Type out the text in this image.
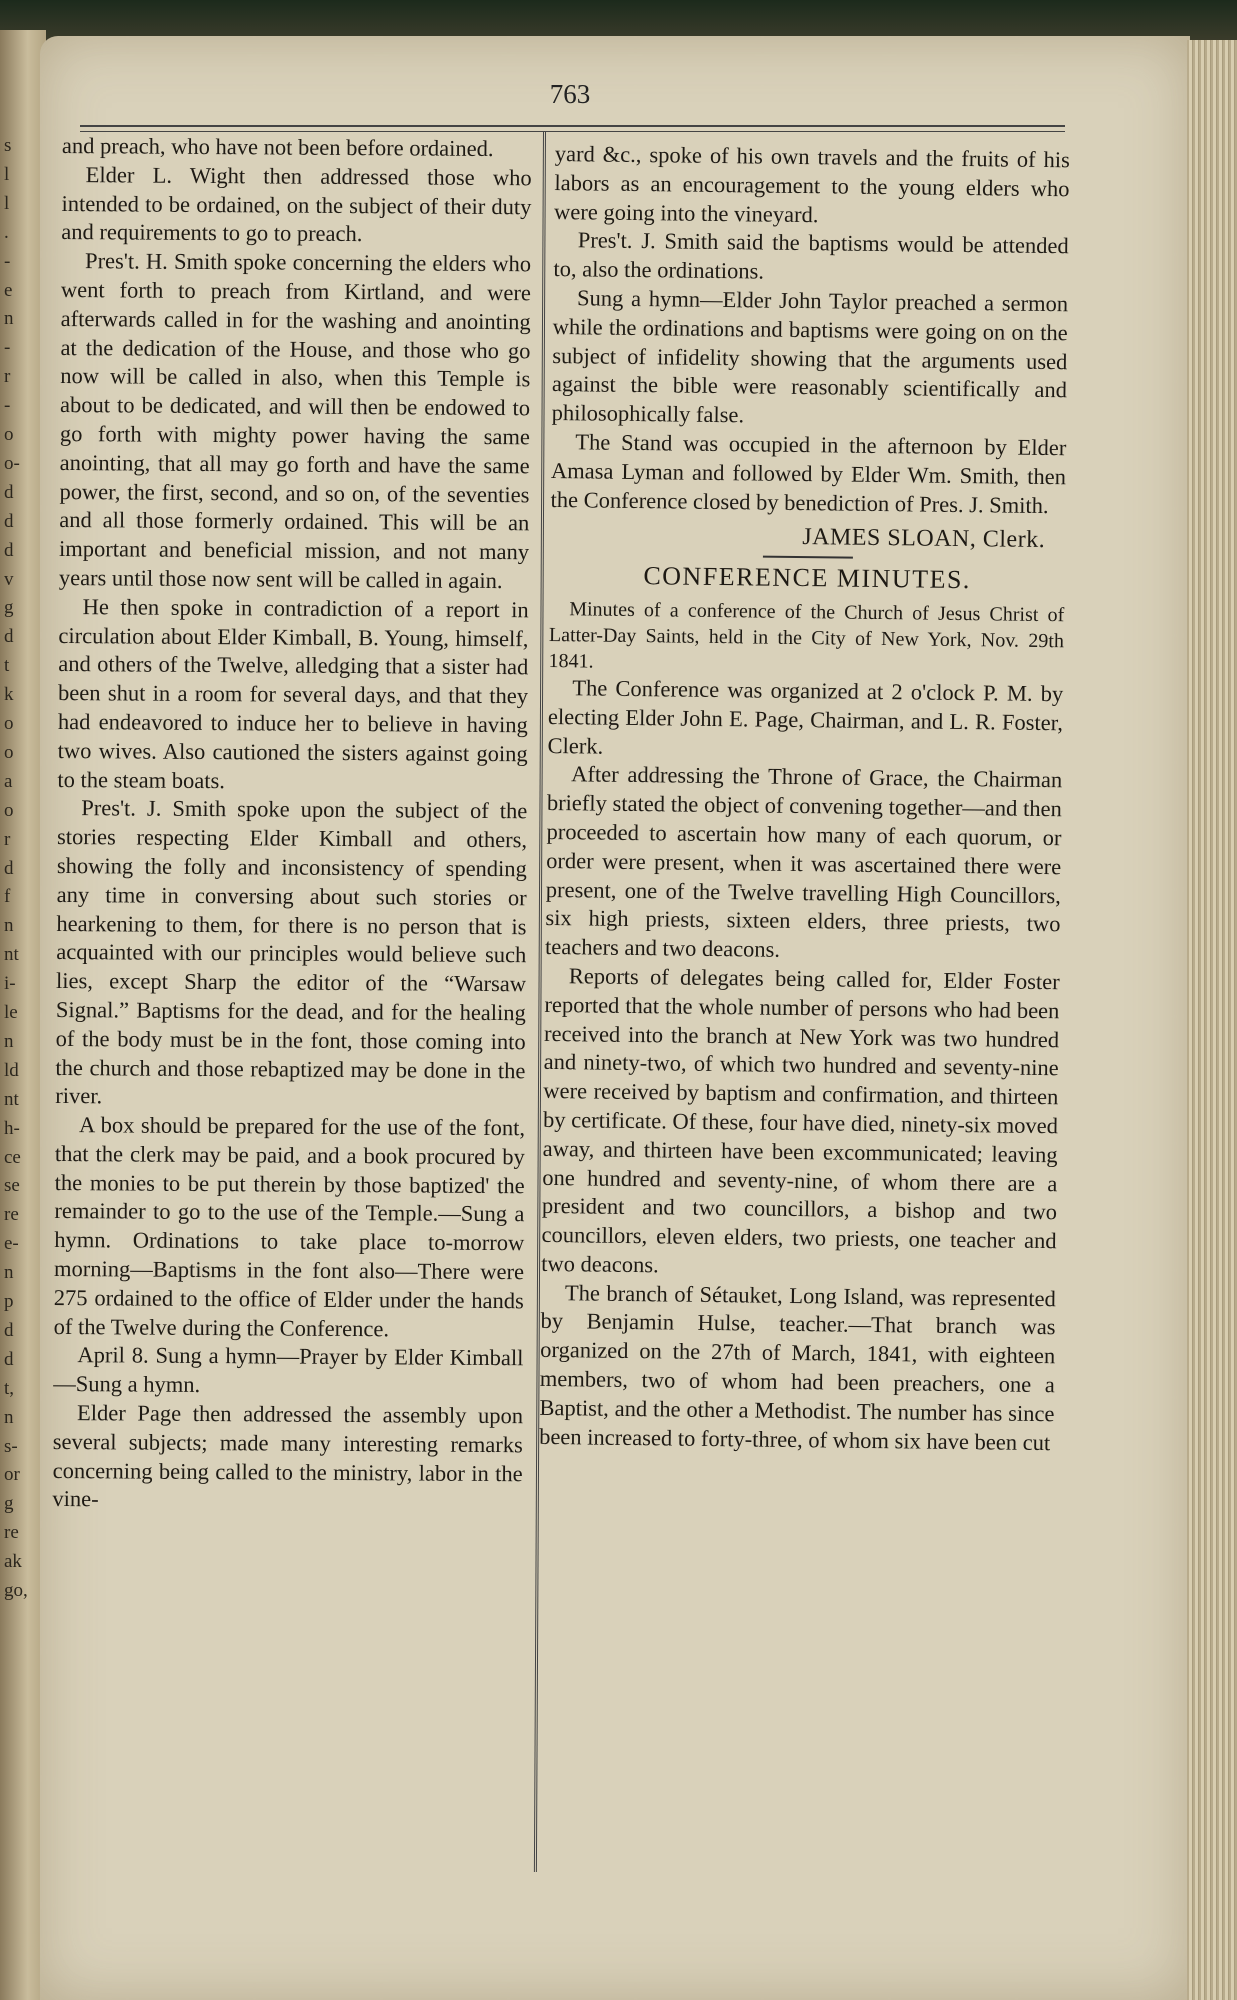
s
l
l
.
-
e
n
-
r
-
o
o-
d
d
d
v
g
d
t
k
o
o
a
o
r
d
f
n
nt
i-
le
n
ld
nt
h-
ce
se
re
e-
n
p
d
d
t,
n
s-
or
g
re
ak
go,
763

and preach, who have not been before ordained.

Elder L. Wight then addressed those who intended to be ordained, on the subject of their duty and requirements to go to preach.

Pres't. H. Smith spoke concerning the elders who went forth to preach from Kirtland, and were afterwards called in for the washing and anointing at the dedication of the House, and those who go now will be called in also, when this Temple is about to be dedicated, and will then be endowed to go forth with mighty power having the same anointing, that all may go forth and have the same power, the first, second, and so on, of the seventies and all those formerly ordained. This will be an important and beneficial mission, and not many years until those now sent will be called in again.

He then spoke in contradiction of a report in circulation about Elder Kimball, B. Young, himself, and others of the Twelve, alledging that a sister had been shut in a room for several days, and that they had endeavored to induce her to believe in having two wives. Also cautioned the sisters against going to the steam boats.

Pres't. J. Smith spoke upon the subject of the stories respecting Elder Kimball and others, showing the folly and inconsistency of spending any time in conversing about such stories or hearkening to them, for there is no person that is acquainted with our principles would believe such lies, except Sharp the editor of the “Warsaw Signal.” Baptisms for the dead, and for the healing of the body must be in the font, those coming into the church and those rebaptized may be done in the river.

A box should be prepared for the use of the font, that the clerk may be paid, and a book procured by the monies to be put therein by those baptized' the remainder to go to the use of the Temple.—Sung a hymn. Ordinations to take place to-morrow morning—Baptisms in the font also—There were 275 ordained to the office of Elder under the hands of the Twelve during the Conference.

April 8. Sung a hymn—Prayer by Elder Kimball—Sung a hymn.

Elder Page then addressed the assembly upon several subjects; made many interesting remarks concerning being called to the ministry, labor in the vine-

yard &c., spoke of his own travels and the fruits of his labors as an encouragement to the young elders who were going into the vineyard.

Pres't. J. Smith said the baptisms would be attended to, also the ordinations.

Sung a hymn—Elder John Taylor preached a sermon while the ordinations and baptisms were going on on the subject of infidelity showing that the arguments used against the bible were reasonably scientifically and philosophically false.

The Stand was occupied in the afternoon by Elder Amasa Lyman and followed by Elder Wm. Smith, then the Conference closed by benediction of Pres. J. Smith.

JAMES SLOAN, Clerk.
CONFERENCE MINUTES.

Minutes of a conference of the Church of Jesus Christ of Latter-Day Saints, held in the City of New York, Nov. 29th 1841.

The Conference was organized at 2 o'clock P. M. by electing Elder John E. Page, Chairman, and L. R. Foster, Clerk.

After addressing the Throne of Grace, the Chairman briefly stated the object of convening together—and then proceeded to ascertain how many of each quorum, or order were present, when it was ascertained there were present, one of the Twelve travelling High Councillors, six high priests, sixteen elders, three priests, two teachers and two deacons.

Reports of delegates being called for, Elder Foster reported that the whole number of persons who had been received into the branch at New York was two hundred and ninety-two, of which two hundred and seventy-nine were received by baptism and confirmation, and thirteen by certificate. Of these, four have died, ninety-six moved away, and thirteen have been excommunicated; leaving one hundred and seventy-nine, of whom there are a president and two councillors, a bishop and two councillors, eleven elders, two priests, one teacher and two deacons.

The branch of Sétauket, Long Island, was represented by Benjamin Hulse, teacher.—That branch was organized on the 27th of March, 1841, with eighteen members, two of whom had been preachers, one a Baptist, and the other a Methodist. The number has since been increased to forty-three, of whom six have been cut
